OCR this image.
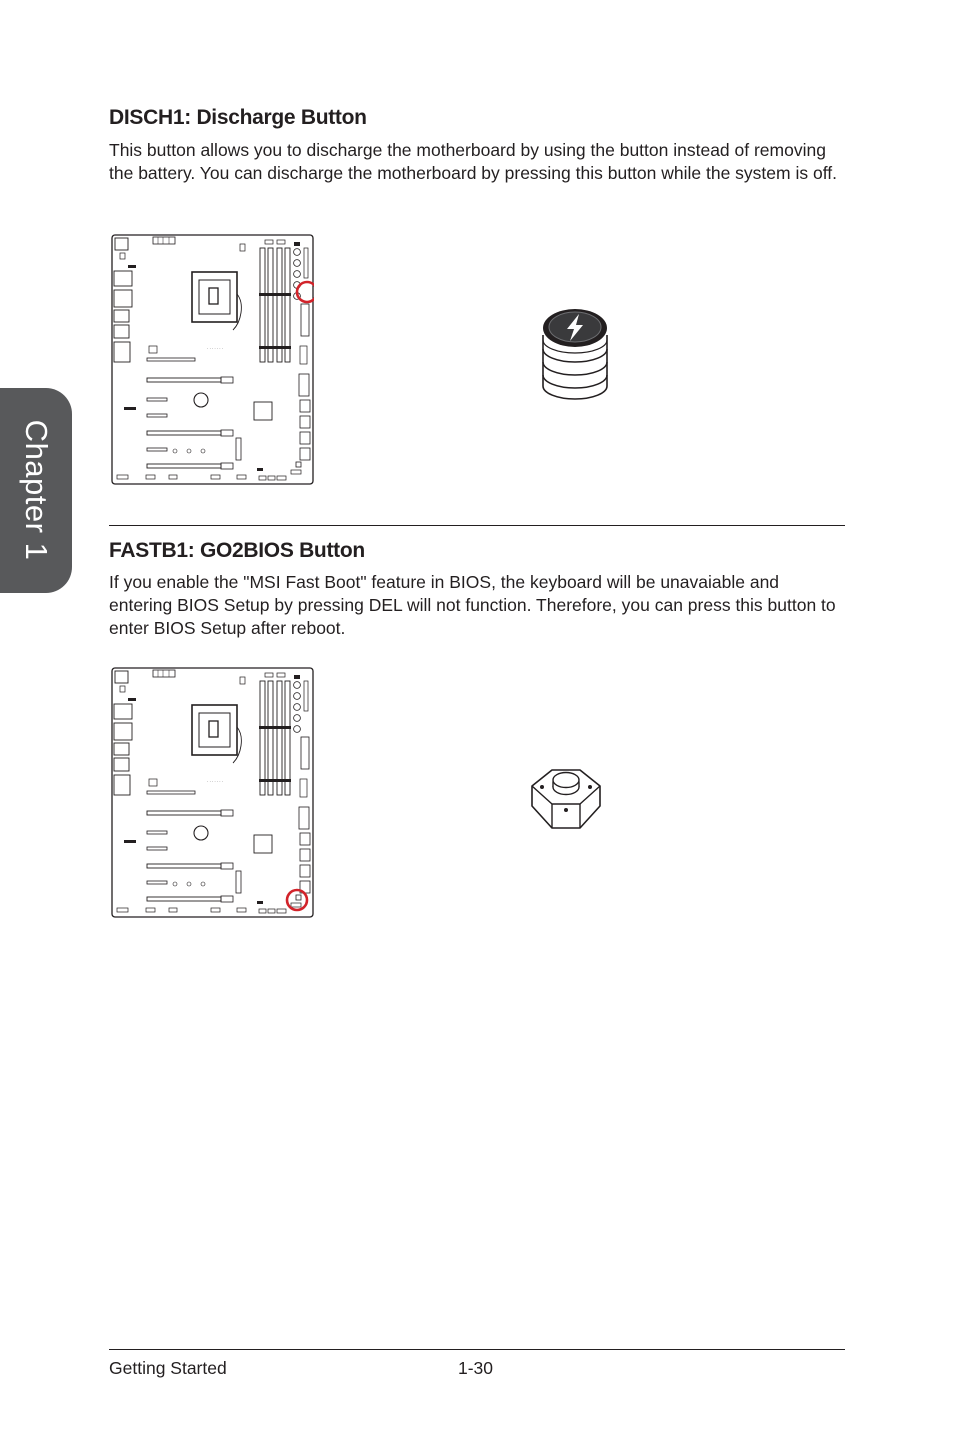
Chapter 1
DISCH1: Discharge Button

This button allows you to discharge the motherboard by using the button instead of removing the battery. You can discharge the motherboard by pressing this button while the system is off.

FASTB1: GO2BIOS Button

If you enable the "MSI Fast Boot" feature in BIOS, the keyboard will be unavaiable and entering BIOS Setup by pressing DEL will not function. Therefore, you can press this button to enter BIOS Setup after reboot.

Getting Started	1-30
